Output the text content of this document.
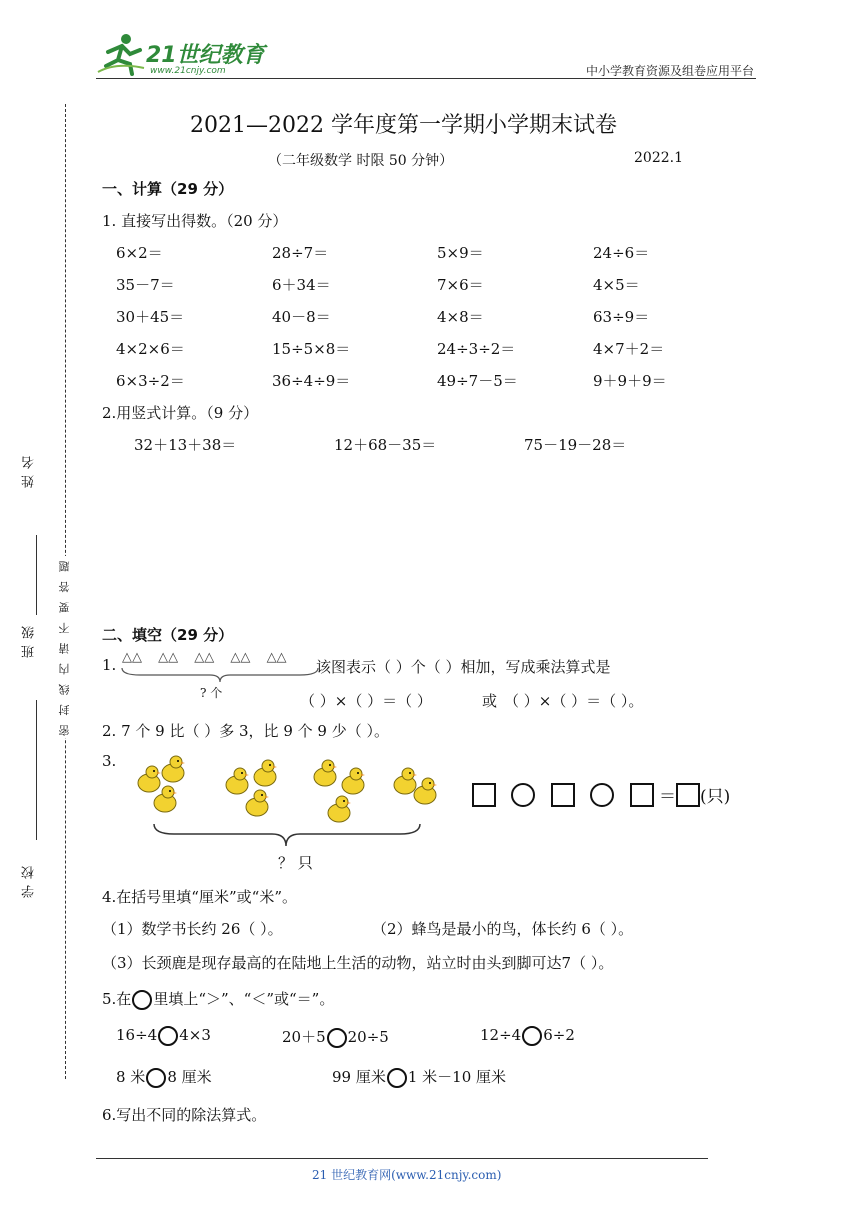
21世纪教育
www.21cnjy.com	中小学教育资源及组卷应用平台
姓名
班级
学校
密 封 线 内 请 不 要 答 题
2021—2022 学年度第一学期小学期末试卷
（二年级数学 时限 50 分钟）	2022.1
一、计算（29 分）
1. 直接写出得数。（20 分）
6×2＝	28÷7＝	5×9＝	24÷6＝
35－7＝	6＋34＝	7×6＝	4×5＝
30＋45＝	40－8＝	4×8＝	63÷9＝
4×2×6＝	15÷5×8＝	24÷3÷2＝	4×7＋2＝
6×3÷2＝	36÷4÷9＝	49÷7－5＝	9＋9＋9＝
2.用竖式计算。（9 分）
32＋13＋38＝	12＋68－35＝	75－19－28＝
二、填空（29 分）
1. △△ △△ △△ △△ △△
? 个
该图表示（ ）个（ ）相加，写成乘法算式是
（ ）×（ ）＝（ ）	或 （ ）×（ ）＝（ ）。
2. 7 个 9 比（ ）多 3，比 9 个 9 少（ ）。
3.
？ 只
＝ (只)
4.在括号里填“厘米”或“米”。
（1）数学书长约 26（ ）。	（2）蜂鸟是最小的鸟，体长约 6（ ）。
（3）长颈鹿是现存最高的在陆地上生活的动物，站立时由头到脚可达7（ ）。
5.在 里填上“＞”、“＜”或“＝”。
16÷4 4×3	20＋5 20÷5	12÷4 6÷2
8 米 8 厘米	99 厘米 1 米－10 厘米
6.写出不同的除法算式。
21 世纪教育网(www.21cnjy.com)
